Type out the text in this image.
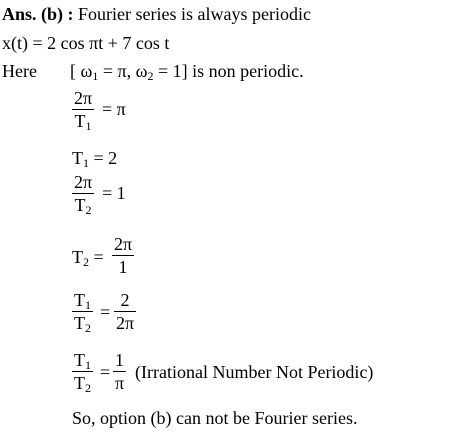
Ans. (b) : Fourier series is always periodic
x(t) = 2 cos πt + 7 cos t
Here [ $\omega_1 = \pi$, $\omega_2 = 1$] is non periodic.
2π
$T_1$
= π
$T_1 = 2$
2π
$T_2$
= 1
$T_2$ =
2π
1
$T_1$
$T_2$
=
2
2π
$T_1$
$T_2$
=
1
π
(Irrational Number Not Periodic)
So, option (b) can not be Fourier series.
